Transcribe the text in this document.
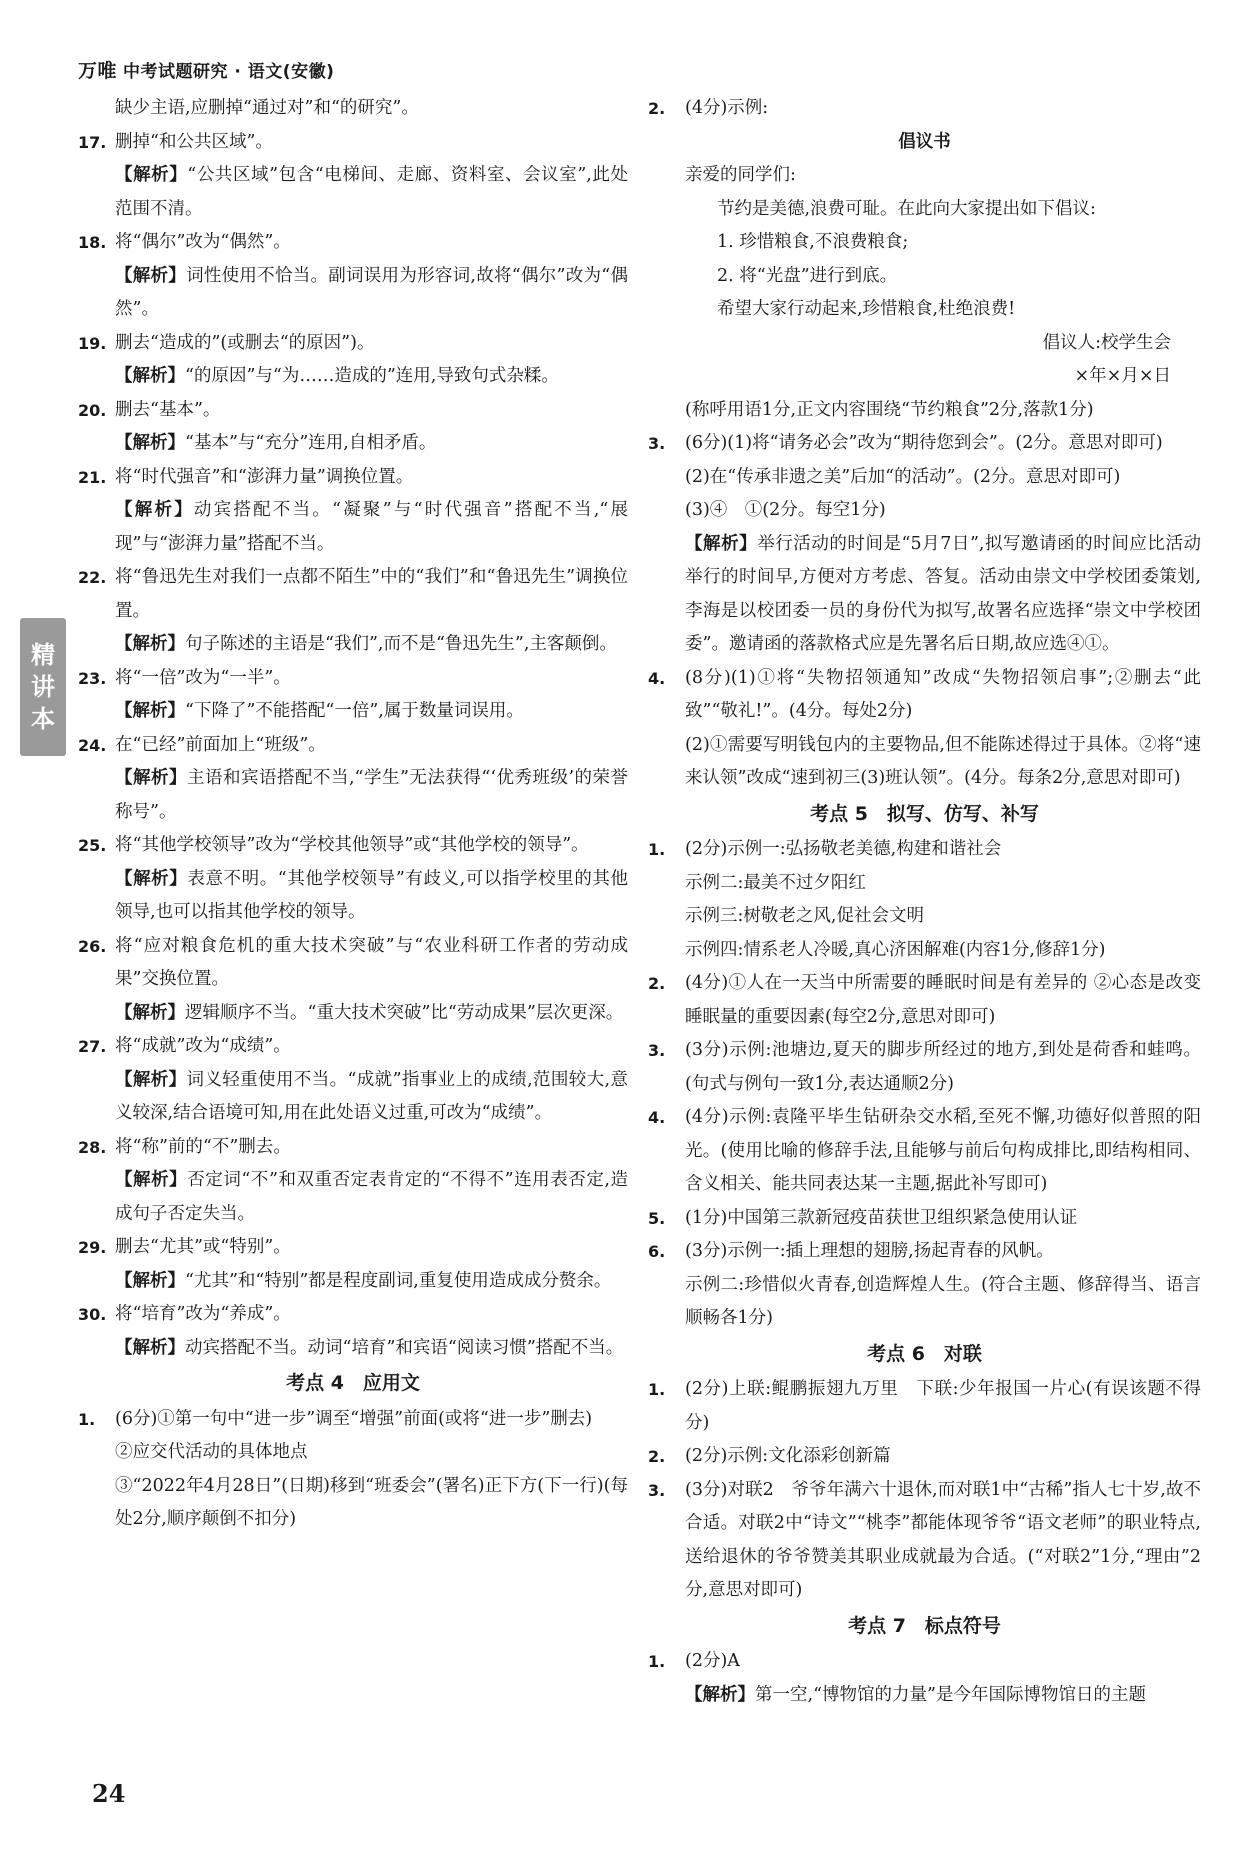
万唯 中考试题研究 · 语文(安徽)
缺少主语,应删掉“通过对”和“的研究”。
17. 删掉“和公共区域”。
【解析】“公共区域”包含“电梯间、走廊、资料室、会议室”,此处范围不清。
18. 将“偶尔”改为“偶然”。
【解析】词性使用不恰当。副词误用为形容词,故将“偶尔”改为“偶然”。
19. 删去“造成的”(或删去“的原因”)。
【解析】“的原因”与“为……造成的”连用,导致句式杂糅。
20. 删去“基本”。
【解析】“基本”与“充分”连用,自相矛盾。
21. 将“时代强音”和“澎湃力量”调换位置。
【解析】动宾搭配不当。“凝聚”与“时代强音”搭配不当,“展现”与“澎湃力量”搭配不当。
22. 将“鲁迅先生对我们一点都不陌生”中的“我们”和“鲁迅先生”调换位置。
【解析】句子陈述的主语是“我们”,而不是“鲁迅先生”,主客颠倒。
23. 将“一倍”改为“一半”。
【解析】“下降了”不能搭配“一倍”,属于数量词误用。
24. 在“已经”前面加上“班级”。
【解析】主语和宾语搭配不当,“学生”无法获得“‘优秀班级’的荣誉称号”。
25. 将“其他学校领导”改为“学校其他领导”或“其他学校的领导”。
【解析】表意不明。“其他学校领导”有歧义,可以指学校里的其他领导,也可以指其他学校的领导。
26. 将“应对粮食危机的重大技术突破”与“农业科研工作者的劳动成果”交换位置。
【解析】逻辑顺序不当。“重大技术突破”比“劳动成果”层次更深。
27. 将“成就”改为“成绩”。
【解析】词义轻重使用不当。“成就”指事业上的成绩,范围较大,意义较深,结合语境可知,用在此处语义过重,可改为“成绩”。
28. 将“称”前的“不”删去。
【解析】否定词“不”和双重否定表肯定的“不得不”连用表否定,造成句子否定失当。
29. 删去“尤其”或“特别”。
【解析】“尤其”和“特别”都是程度副词,重复使用造成成分赘余。
30. 将“培育”改为“养成”。
【解析】动宾搭配不当。动词“培育”和宾语“阅读习惯”搭配不当。
考点 4　应用文
1. (6分)①第一句中“进一步”调至“增强”前面(或将“进一步”删去)
②应交代活动的具体地点
③“2022年4月28日”(日期)移到“班委会”(署名)正下方(下一行)(每处2分,顺序颠倒不扣分)
2. (4分)示例:
倡议书
亲爱的同学们:
节约是美德,浪费可耻。在此向大家提出如下倡议:
1. 珍惜粮食,不浪费粮食;
2. 将“光盘”进行到底。
希望大家行动起来,珍惜粮食,杜绝浪费!
倡议人:校学生会
×年×月×日
(称呼用语1分,正文内容围绕“节约粮食”2分,落款1分)
3. (6分)(1)将“请务必会”改为“期待您到会”。(2分。意思对即可)
(2)在“传承非遗之美”后加“的活动”。(2分。意思对即可)
(3)④　①(2分。每空1分)
【解析】举行活动的时间是“5月7日”,拟写邀请函的时间应比活动举行的时间早,方便对方考虑、答复。活动由崇文中学校团委策划,李海是以校团委一员的身份代为拟写,故署名应选择“崇文中学校团委”。邀请函的落款格式应是先署名后日期,故应选④①。
4. (8分)(1)①将“失物招领通知”改成“失物招领启事”;②删去“此致”“敬礼!”。(4分。每处2分)
(2)①需要写明钱包内的主要物品,但不能陈述得过于具体。②将“速来认领”改成“速到初三(3)班认领”。(4分。每条2分,意思对即可)
考点 5　拟写、仿写、补写
1. (2分)示例一:弘扬敬老美德,构建和谐社会
示例二:最美不过夕阳红
示例三:树敬老之风,促社会文明
示例四:情系老人冷暖,真心济困解难(内容1分,修辞1分)
2. (4分)①人在一天当中所需要的睡眠时间是有差异的 ②心态是改变睡眠量的重要因素(每空2分,意思对即可)
3. (3分)示例:池塘边,夏天的脚步所经过的地方,到处是荷香和蛙鸣。(句式与例句一致1分,表达通顺2分)
4. (4分)示例:袁隆平毕生钻研杂交水稻,至死不懈,功德好似普照的阳光。(使用比喻的修辞手法,且能够与前后句构成排比,即结构相同、含义相关、能共同表达某一主题,据此补写即可)
5. (1分)中国第三款新冠疫苗获世卫组织紧急使用认证
6. (3分)示例一:插上理想的翅膀,扬起青春的风帆。
示例二:珍惜似火青春,创造辉煌人生。(符合主题、修辞得当、语言顺畅各1分)
考点 6　对联
1. (2分)上联:鲲鹏振翅九万里　下联:少年报国一片心(有误该题不得分)
2. (2分)示例:文化添彩创新篇
3. (3分)对联2　爷爷年满六十退休,而对联1中“古稀”指人七十岁,故不合适。对联2中“诗文”“桃李”都能体现爷爷“语文老师”的职业特点,送给退休的爷爷赞美其职业成就最为合适。(“对联2”1分,“理由”2分,意思对即可)
考点 7　标点符号
1. (2分)A
【解析】第一空,“博物馆的力量”是今年国际博物馆日的主题
精
讲
本
24
